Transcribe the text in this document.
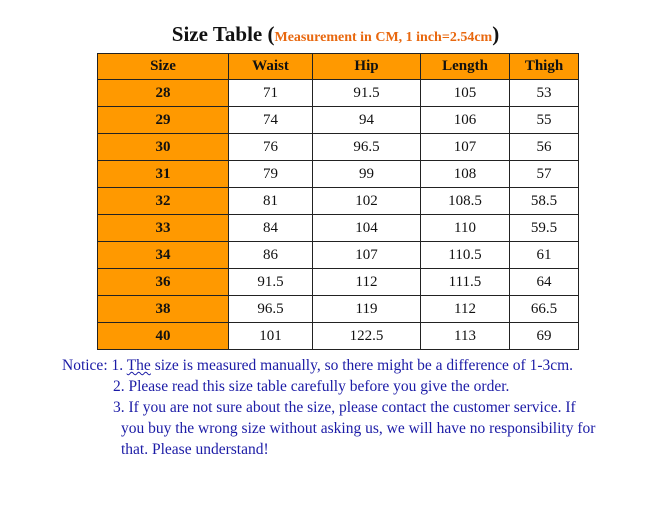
Size Table (Measurement in CM, 1 inch=2.54cm)
Size	Waist	Hip	Length	Thigh
28	71	91.5	105	53
29	74	94	106	55
30	76	96.5	107	56
31	79	99	108	57
32	81	102	108.5	58.5
33	84	104	110	59.5
34	86	107	110.5	61
36	91.5	112	111.5	64
38	96.5	119	112	66.5
40	101	122.5	113	69
Notice: 1. The size is measured manually, so there might be a difference of 1-3cm.
2. Please read this size table carefully before you give the order.
3. If you are not sure about the size, please contact the customer service. If
you buy the wrong size without asking us, we will have no responsibility for
that. Please understand!
